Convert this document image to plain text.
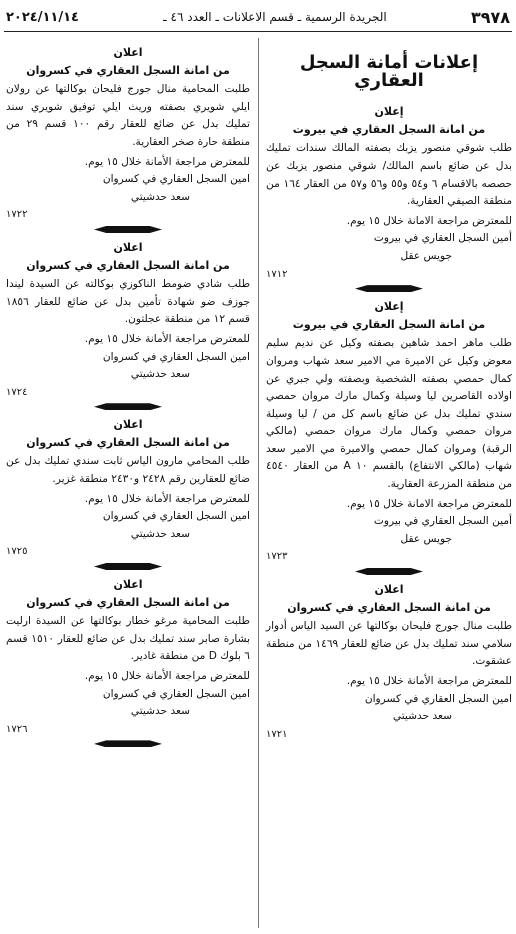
٣٩٧٨
الجريدة الرسمية ـ قسم الاعلانات ـ العدد ٤٦ ـ
٢٠٢٤/١١/١٤
إعلانات أمانة السجل العقاري
إعلان
من امانة السجل العقاري في بيروت

طلب شوقي منصور يزبك بصفته المالك سندات تمليك بدل عن ضائع باسم المالك/ شوقي منصور يزبك عن حصصه بالاقسام ٦ و٥٤ و٥٥ و٥٦ و٥٧ من العقار ١٦٤ من منطقة الصيفي العقارية.

للمعترض مراجعة الامانة خلال ١٥ يوم.

أمين السجل العقاري في بيروت

جويس عقل

١٧١٢

إعلان
من امانة السجل العقاري في بيروت

طلب ماهر احمد شاهين بصفته وكيل عن نديم سليم معوض وكيل عن الاميرة مي الامير سعد شهاب ومروان كمال حمصي بصفته الشخصية وبصفته ولي جبري عن اولاده القاصرين ليا وسيلة وكمال مارك مروان حمصي سندي تمليك بدل عن ضائع باسم كل من / ليا وسيلة مروان حمصي وكمال مارك مروان حمصي (مالكي الرقبة) ومروان كمال حمصي والاميرة مي الامير سعد شهاب (مالكي الانتفاع) بالقسم ١٠ A من العقار ٤٥٤٠ من منطقة المزرعة العقارية.

للمعترض مراجعة الامانة خلال ١٥ يوم.

أمين السجل العقاري في بيروت

جويس عقل

١٧٢٣

اعلان
من امانة السجل العقاري في كسروان

طلبت منال جورج فليحان بوكالتها عن السيد الياس أدوار سلامي سند تمليك بدل عن ضائع للعقار ١٤٦٩ من منطقة عشقوت.

للمعترض مراجعة الأمانة خلال ١٥ يوم.

امين السجل العقاري في كسروان

سعد حدشيتي

١٧٢١

اعلان
من امانة السجل العقاري في كسروان

طلبت المحامية منال جورج فليحان بوكالتها عن رولان ايلي شويري بصفته وريث ايلي توفيق شويري سند تمليك بدل عن ضائع للعقار رقم ١٠٠ قسم ٢٩ من منطقة حارة صخر العقارية.

للمعترض مراجعة الأمانة خلال ١٥ يوم.

امين السجل العقاري في كسروان

سعد حدشيتي

١٧٢٢

اعلان
من امانة السجل العقاري في كسروان

طلب شادي ضومط الناكوزي بوكالته عن السيدة ليندا جوزف ضو شهادة تأمين بدل عن ضائع للعقار ١٨٥٦ قسم ١٢ من منطقة عجلتون.

للمعترض مراجعة الأمانة خلال ١٥ يوم.

امين السجل العقاري في كسروان

سعد حدشيتي

١٧٢٤

اعلان
من امانة السجل العقاري في كسروان

طلب المحامي مارون الياس ثابت سندي تمليك بدل عن ضائع للعقارين رقم ٢٤٢٨ و٢٤٣٠ منطقة غزير.

للمعترض مراجعة الأمانة خلال ١٥ يوم.

امين السجل العقاري في كسروان

سعد حدشيتي

١٧٢٥

اعلان
من امانة السجل العقاري في كسروان

طلبت المحامية مرغو خطار بوكالتها عن السيدة ارليت بشارة صابر سند تمليك بدل عن ضائع للعقار ١٥١٠ قسم ٦ بلوك D من منطقة غادير.

للمعترض مراجعة الأمانة خلال ١٥ يوم.

امين السجل العقاري في كسروان

سعد حدشيتي

١٧٢٦
